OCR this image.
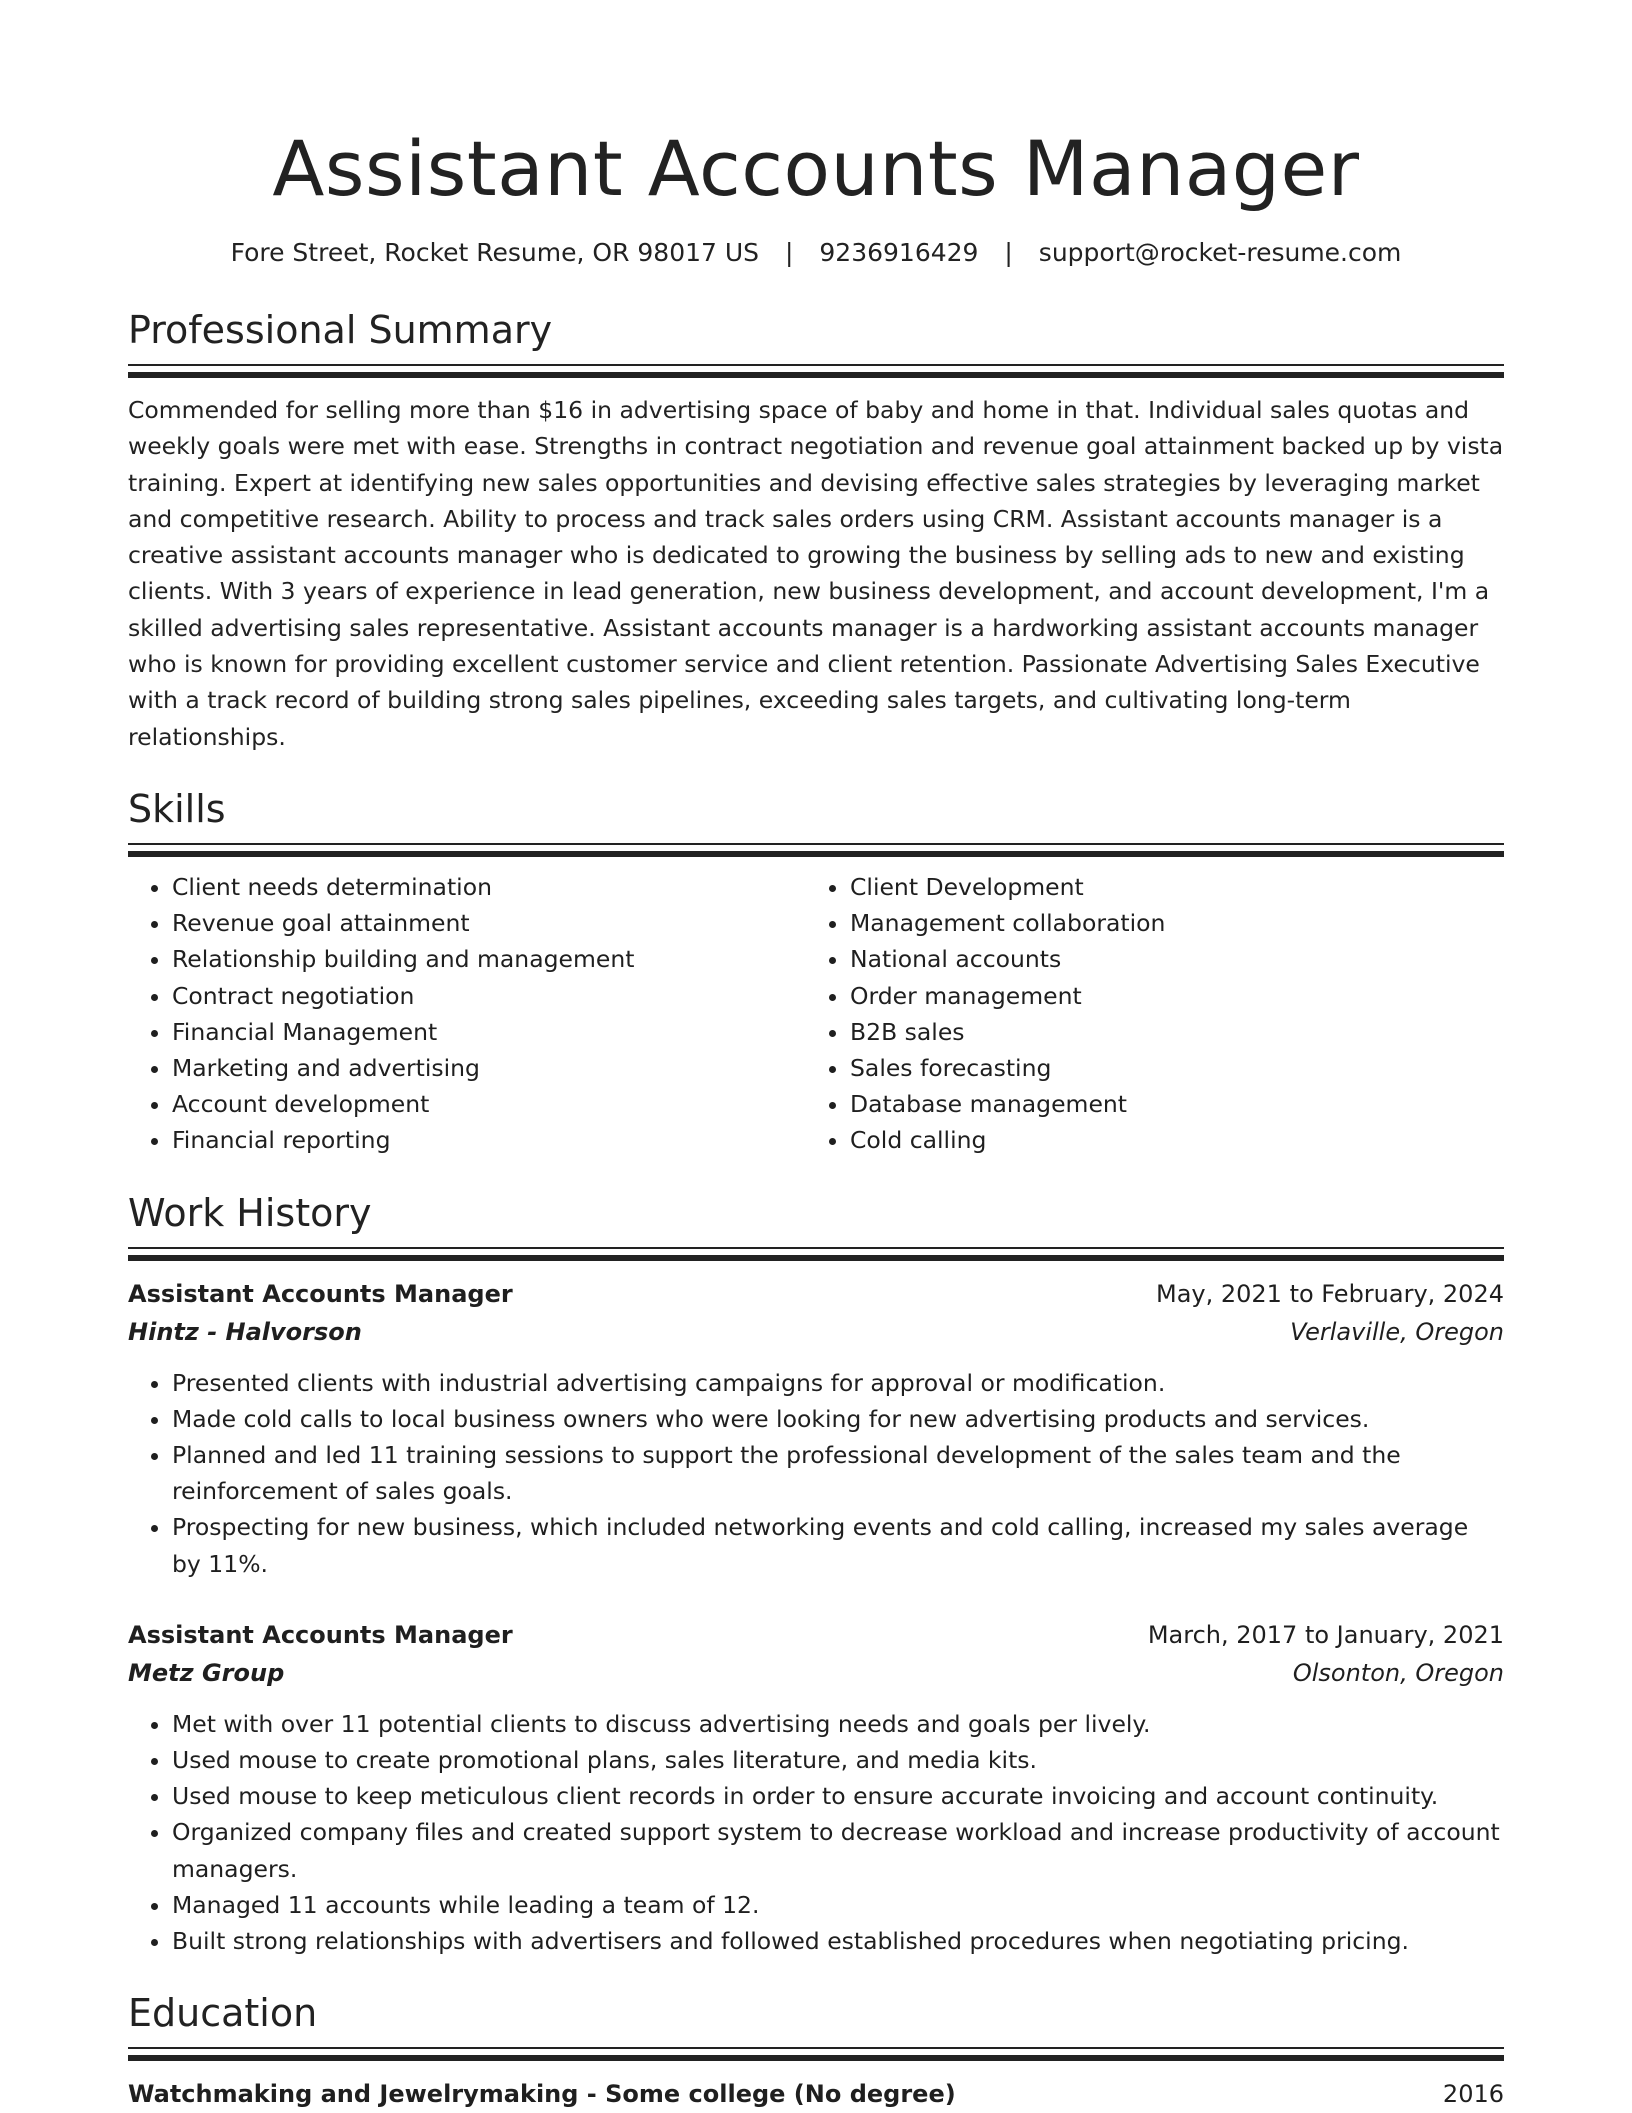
Assistant Accounts Manager
Fore Street, Rocket Resume, OR 98017 US | 9236916429 | support@rocket-resume.com
Professional Summary
Commended for selling more than $16 in advertising space of baby and home in that. Individual sales quotas and weekly goals were met with ease. Strengths in contract negotiation and revenue goal attainment backed up by vista training. Expert at identifying new sales opportunities and devising effective sales strategies by leveraging market and competitive research. Ability to process and track sales orders using CRM. Assistant accounts manager is a creative assistant accounts manager who is dedicated to growing the business by selling ads to new and existing clients. With 3 years of experience in lead generation, new business development, and account development, I'm a skilled advertising sales representative. Assistant accounts manager is a hardworking assistant accounts manager who is known for providing excellent customer service and client retention. Passionate Advertising Sales Executive with a track record of building strong sales pipelines, exceeding sales targets, and cultivating long-term relationships.
Skills
• Client needs determination
• Revenue goal attainment
• Relationship building and management
• Contract negotiation
• Financial Management
• Marketing and advertising
• Account development
• Financial reporting
• Client Development
• Management collaboration
• National accounts
• Order management
• B2B sales
• Sales forecasting
• Database management
• Cold calling
Work History
Assistant Accounts Manager	May, 2021 to February, 2024
Hintz - Halvorson	Verlaville, Oregon
• Presented clients with industrial advertising campaigns for approval or modification.
• Made cold calls to local business owners who were looking for new advertising products and services.
• Planned and led 11 training sessions to support the professional development of the sales team and the reinforcement of sales goals.
• Prospecting for new business, which included networking events and cold calling, increased my sales average by 11%.
Assistant Accounts Manager	March, 2017 to January, 2021
Metz Group	Olsonton, Oregon
• Met with over 11 potential clients to discuss advertising needs and goals per lively.
• Used mouse to create promotional plans, sales literature, and media kits.
• Used mouse to keep meticulous client records in order to ensure accurate invoicing and account continuity.
• Organized company files and created support system to decrease workload and increase productivity of account managers.
• Managed 11 accounts while leading a team of 12.
• Built strong relationships with advertisers and followed established procedures when negotiating pricing.
Education
Watchmaking and Jewelrymaking - Some college (No degree)	2016
